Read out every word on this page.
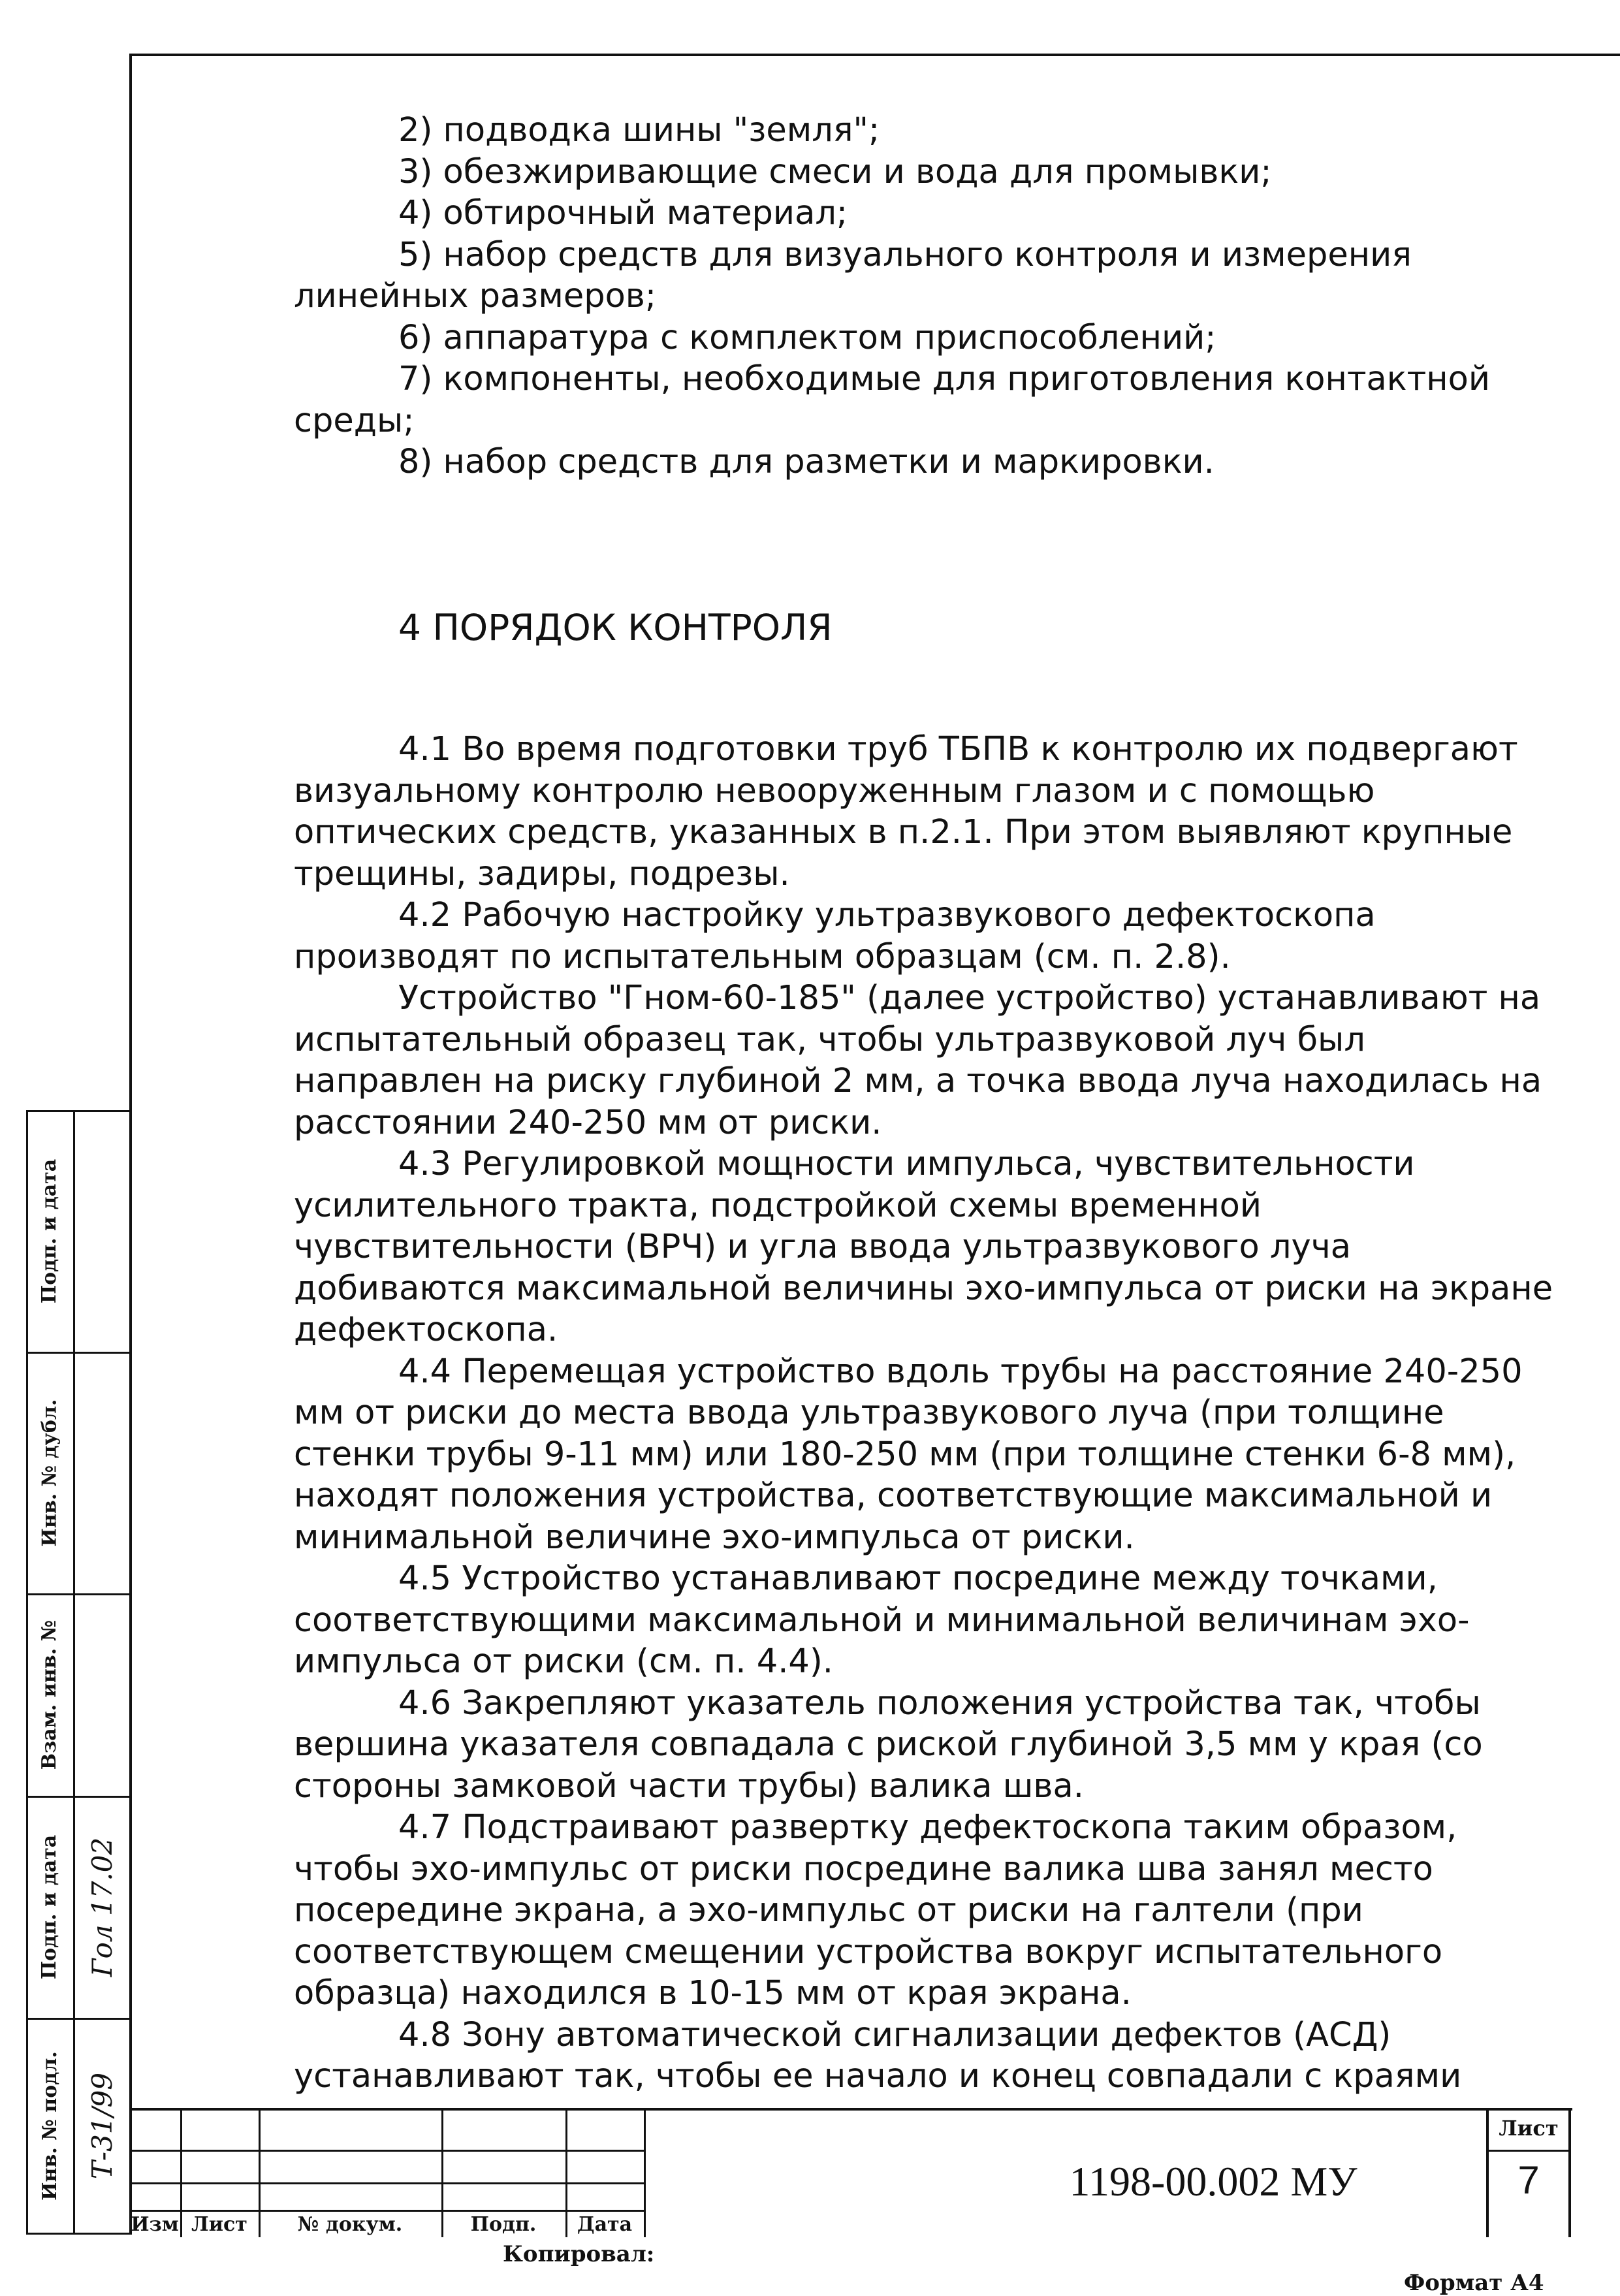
2) подводка шины "земля";

3) обезжиривающие смеси и вода для промывки;

4) обтирочный материал;

5) набор средств для визуального контроля и измерения линейных размеров;

6) аппаратура с комплектом приспособлений;

7) компоненты, необходимые для приготовления контактной среды;

8) набор средств для разметки и маркировки.

4 ПОРЯДОК КОНТРОЛЯ

4.1 Во время подготовки труб ТБПВ к контролю их подвергают визуальному контролю невооруженным глазом и с помощью оптических средств, указанных в п.2.1. При этом выявляют крупные трещины, задиры, подрезы.

4.2 Рабочую настройку ультразвукового дефектоскопа производят по испытательным образцам (см. п. 2.8).

Устройство "Гном-60-185" (далее устройство) устанавливают на испытательный образец так, чтобы ультразвуковой луч был направлен на риску глубиной 2 мм, а точка ввода луча находилась на расстоянии 240-250 мм от риски.

4.3 Регулировкой мощности импульса, чувствительности усилительного тракта, подстройкой схемы временной чувствительности (ВРЧ) и угла ввода ультразвукового луча добиваются максимальной величины эхо-импульса от риски на экране дефектоскопа.

4.4 Перемещая устройство вдоль трубы на расстояние 240-250 мм от риски до места ввода ультразвукового луча (при толщине стенки трубы 9-11 мм) или 180-250 мм (при толщине стенки 6-8 мм), находят положения устройства, соответствующие максимальной и минимальной величине эхо-импульса от риски.

4.5 Устройство устанавливают посредине между точками, соответствующими максимальной и минимальной величинам эхо-импульса от риски (см. п. 4.4).

4.6 Закрепляют указатель положения устройства так, чтобы вершина указателя совпадала с риской глубиной 3,5 мм у края (со стороны замковой части трубы) валика шва.

4.7 Подстраивают развертку дефектоскопа таким образом, чтобы эхо-импульс от риски посредине валика шва занял место посередине экрана, а эхо-импульс от риски на галтели (при соответствующем смещении устройства вокруг испытательного образца) находился в 10-15 мм от края экрана.

4.8 Зону автоматической сигнализации дефектов (АСД) устанавливают так, чтобы ее начало и конец совпадали с краями

Подп. и дата
Инв. № дубл.
Взам. инв. №
Подп. и дата
Инв. № подл.
Гол 17.02
Т-31/99
Изм Лист	№ докум.	Подп.	Дата
1198-00.002 МУ
Лист
7
Копировал:
Формат А4
